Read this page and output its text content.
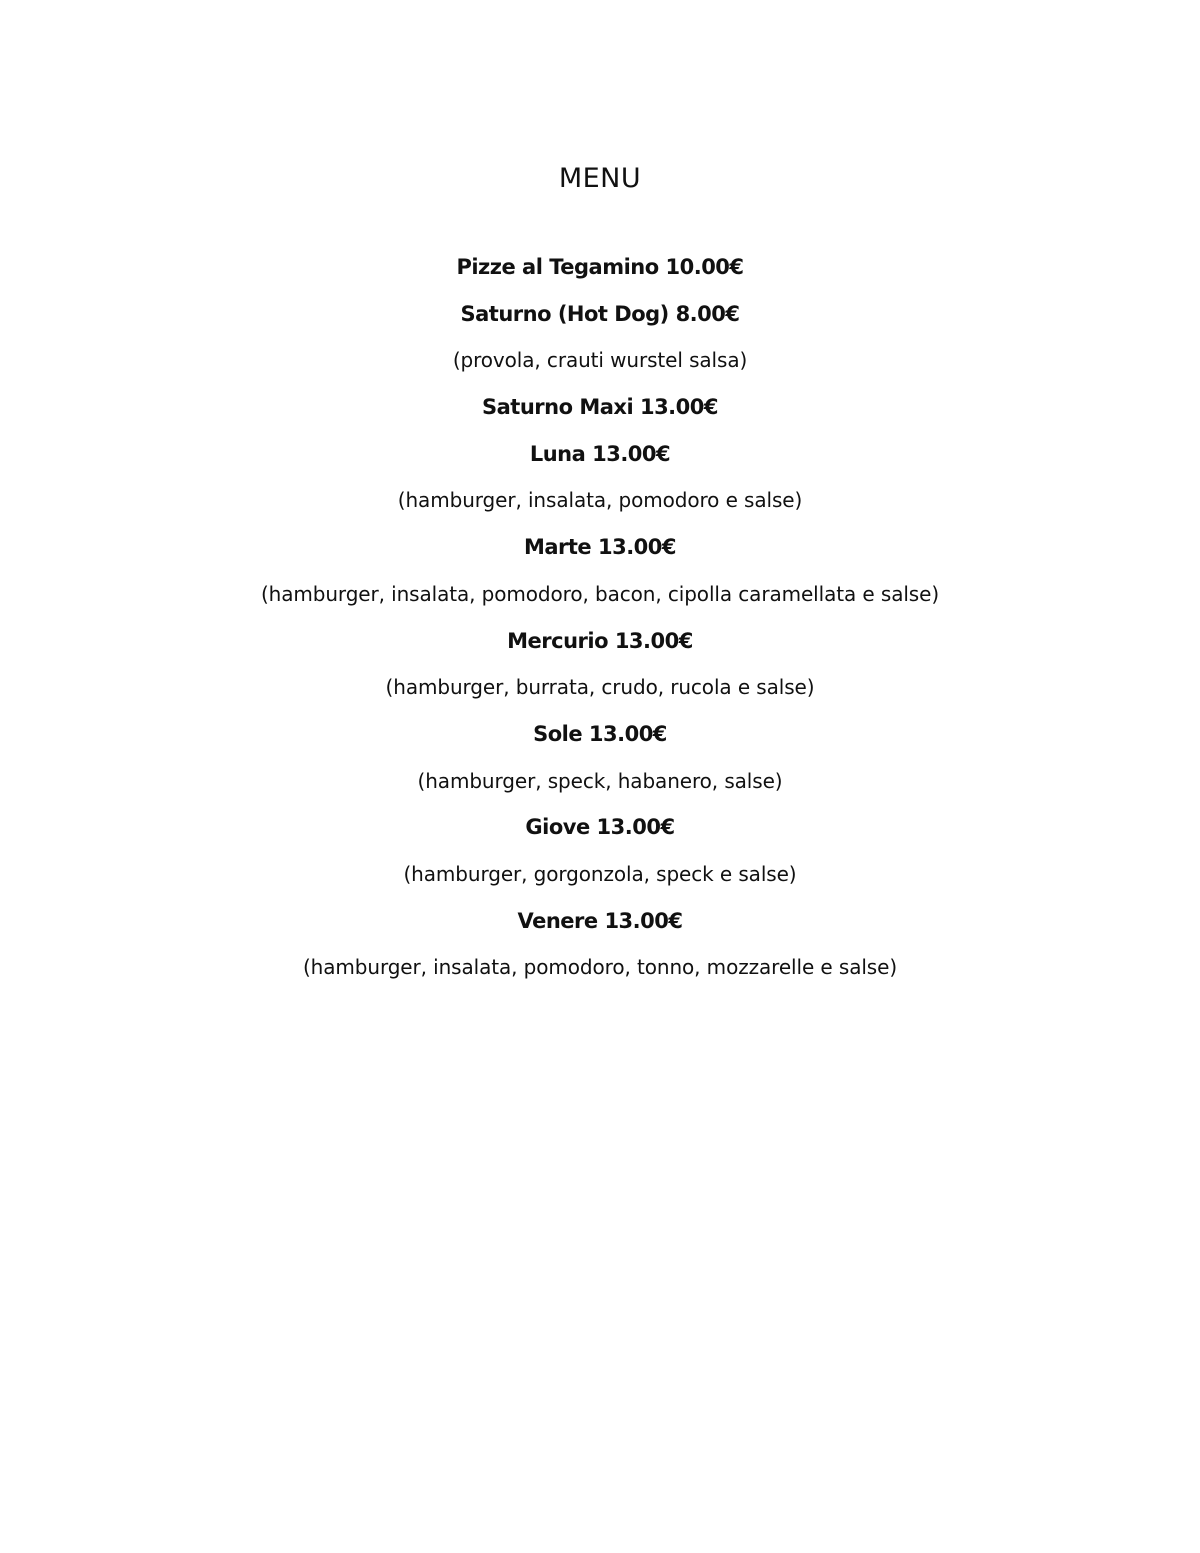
MENU
Pizze al Tegamino 10.00€
Saturno (Hot Dog) 8.00€
(provola, crauti wurstel salsa)
Saturno Maxi 13.00€
Luna 13.00€
(hamburger, insalata, pomodoro e salse)
Marte 13.00€
(hamburger, insalata, pomodoro, bacon, cipolla caramellata e salse)
Mercurio 13.00€
(hamburger, burrata, crudo, rucola e salse)
Sole 13.00€
(hamburger, speck, habanero, salse)
Giove 13.00€
(hamburger, gorgonzola, speck e salse)
Venere 13.00€
(hamburger, insalata, pomodoro, tonno, mozzarelle e salse)
